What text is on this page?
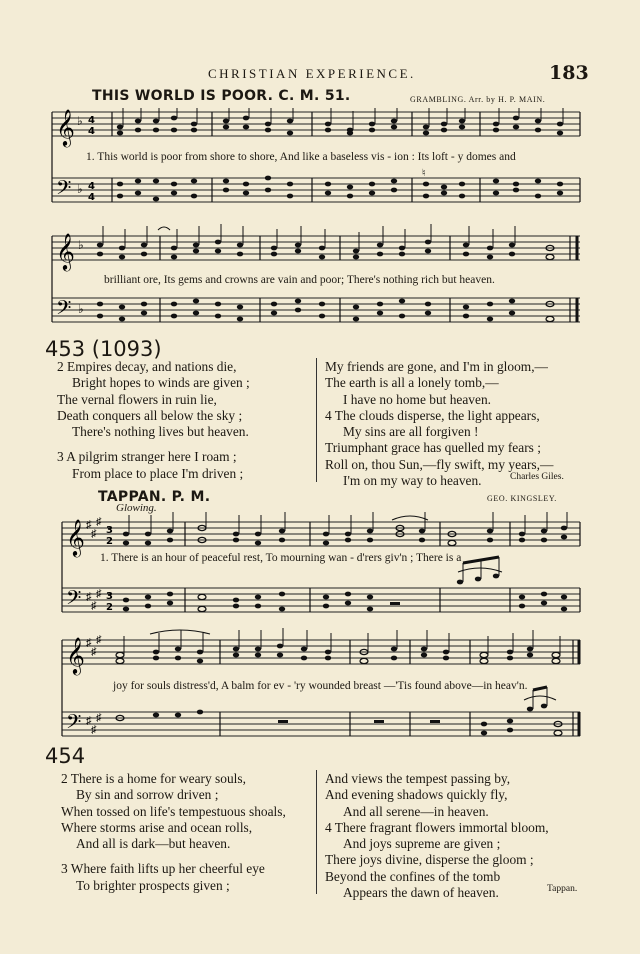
CHRISTIAN EXPERIENCE.	183
THIS WORLD IS POOR. C. M. 51.	GRAMBLING. Arr. by H. P. MAIN.
𝄞
𝄢
♭
♭
4
4
4
4
♮
1. This world is poor from shore to shore, And like a baseless vis - ion : Its loft - y domes and
𝄞
𝄢
♭
♭
brilliant ore, Its gems and crowns are vain and poor; There's nothing rich but heaven.
453 (1093)
2 Empires decay, and nations die,
Bright hopes to winds are given ;
The vernal flowers in ruin lie,
Death conquers all below the sky ;
There's nothing lives but heaven.
3 A pilgrim stranger here I roam ;
From place to place I'm driven ;
My friends are gone, and I'm in gloom,—
The earth is all a lonely tomb,—
I have no home but heaven.
4 The clouds disperse, the light appears,
My sins are all forgiven !
Triumphant grace has quelled my fears ;
Roll on, thou Sun,—fly swift, my years,—
I'm on my way to heaven.	Charles Giles.
TAPPAN. P. M.	GEO. KINGSLEY.
Glowing.
𝄞
𝄢
♯
♯
♯
♯
♯
♯
3
2
3
2
1. There is an hour of peaceful rest, To mourning wan - d'rers giv'n ; There is a
𝄞
𝄢
♯
♯
♯
♯
♯
♯
joy for souls distress'd, A balm for ev - 'ry wounded breast —'Tis found above—in heav'n.
454
2 There is a home for weary souls,
By sin and sorrow driven ;
When tossed on life's tempestuous shoals,
Where storms arise and ocean rolls,
And all is dark—but heaven.
3 Where faith lifts up her cheerful eye
To brighter prospects given ;
And views the tempest passing by,
And evening shadows quickly fly,
And all serene—in heaven.
4 There fragrant flowers immortal bloom,
And joys supreme are given ;
There joys divine, disperse the gloom ;
Beyond the confines of the tomb
Appears the dawn of heaven.	Tappan.
